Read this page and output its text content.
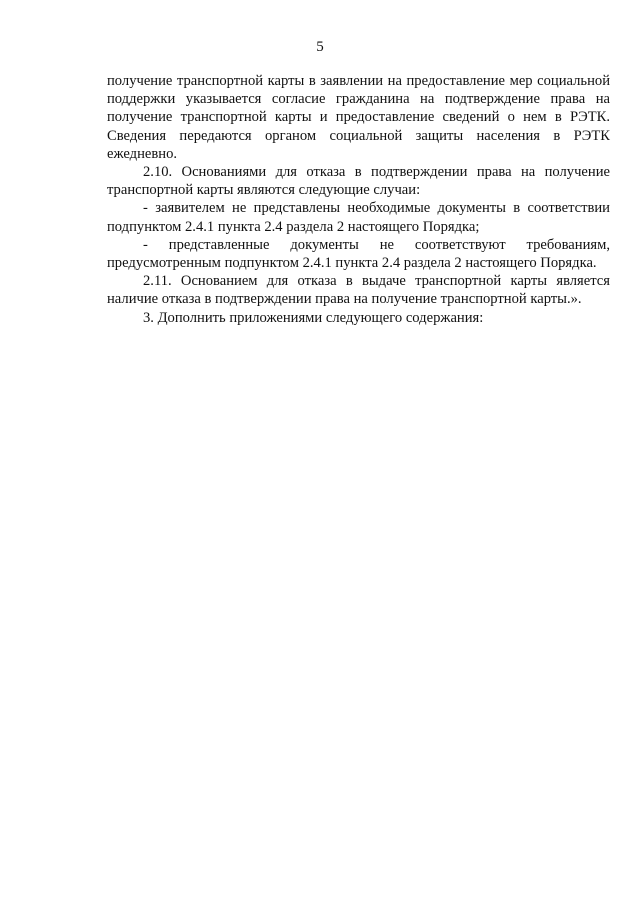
5

получение транспортной карты в заявлении на предоставление мер социальной поддержки указывается согласие гражданина на подтверждение права на получение транспортной карты и предоставление сведений о нем в РЭТК. Сведения передаются органом социальной защиты населения в РЭТК ежедневно.

2.10. Основаниями для отказа в подтверждении права на получение транспортной карты являются следующие случаи:

- заявителем не представлены необходимые документы в соответствии подпунктом 2.4.1 пункта 2.4 раздела 2 настоящего Порядка;

- представленные документы не соответствуют требованиям, предусмотренным подпунктом 2.4.1 пункта 2.4 раздела 2 настоящего Порядка.

2.11. Основанием для отказа в выдаче транспортной карты является наличие отказа в подтверждении права на получение транспортной карты.».

3. Дополнить приложениями следующего содержания:
